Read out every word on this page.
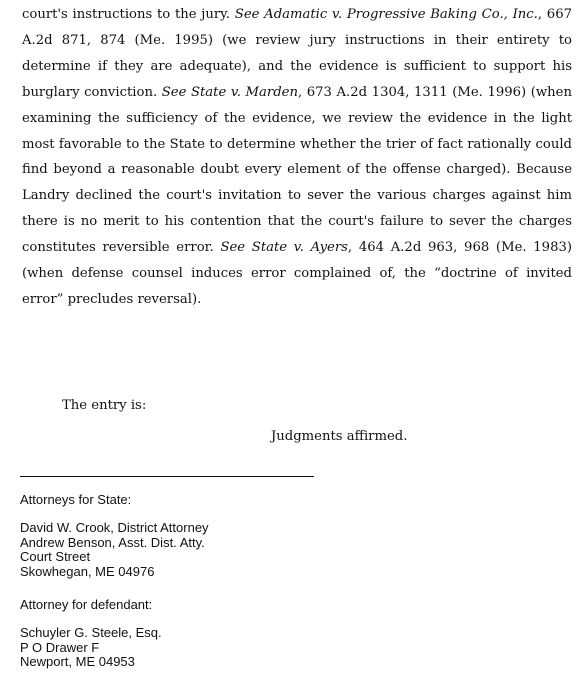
court's instructions to the jury. See Adamatic v. Progressive Baking Co., Inc., 667 A.2d 871, 874 (Me. 1995) (we review jury instructions in their entirety to determine if they are adequate), and the evidence is sufficient to support his burglary conviction. See State v. Marden, 673 A.2d 1304, 1311 (Me. 1996) (when examining the sufficiency of the evidence, we review the evidence in the light most favorable to the State to determine whether the trier of fact rationally could find beyond a reasonable doubt every element of the offense charged). Because Landry declined the court's invitation to sever the various charges against him there is no merit to his contention that the court's failure to sever the charges constitutes reversible error. See State v. Ayers, 464 A.2d 963, 968 (Me. 1983) (when defense counsel induces error complained of, the “doctrine of invited error” precludes reversal).

The entry is:

Judgments affirmed.

Attorneys for State:

David W. Crook, District Attorney
Andrew Benson, Asst. Dist. Atty.
Court Street
Skowhegan, ME 04976

Attorney for defendant:

Schuyler G. Steele, Esq.
P O Drawer F
Newport, ME 04953
